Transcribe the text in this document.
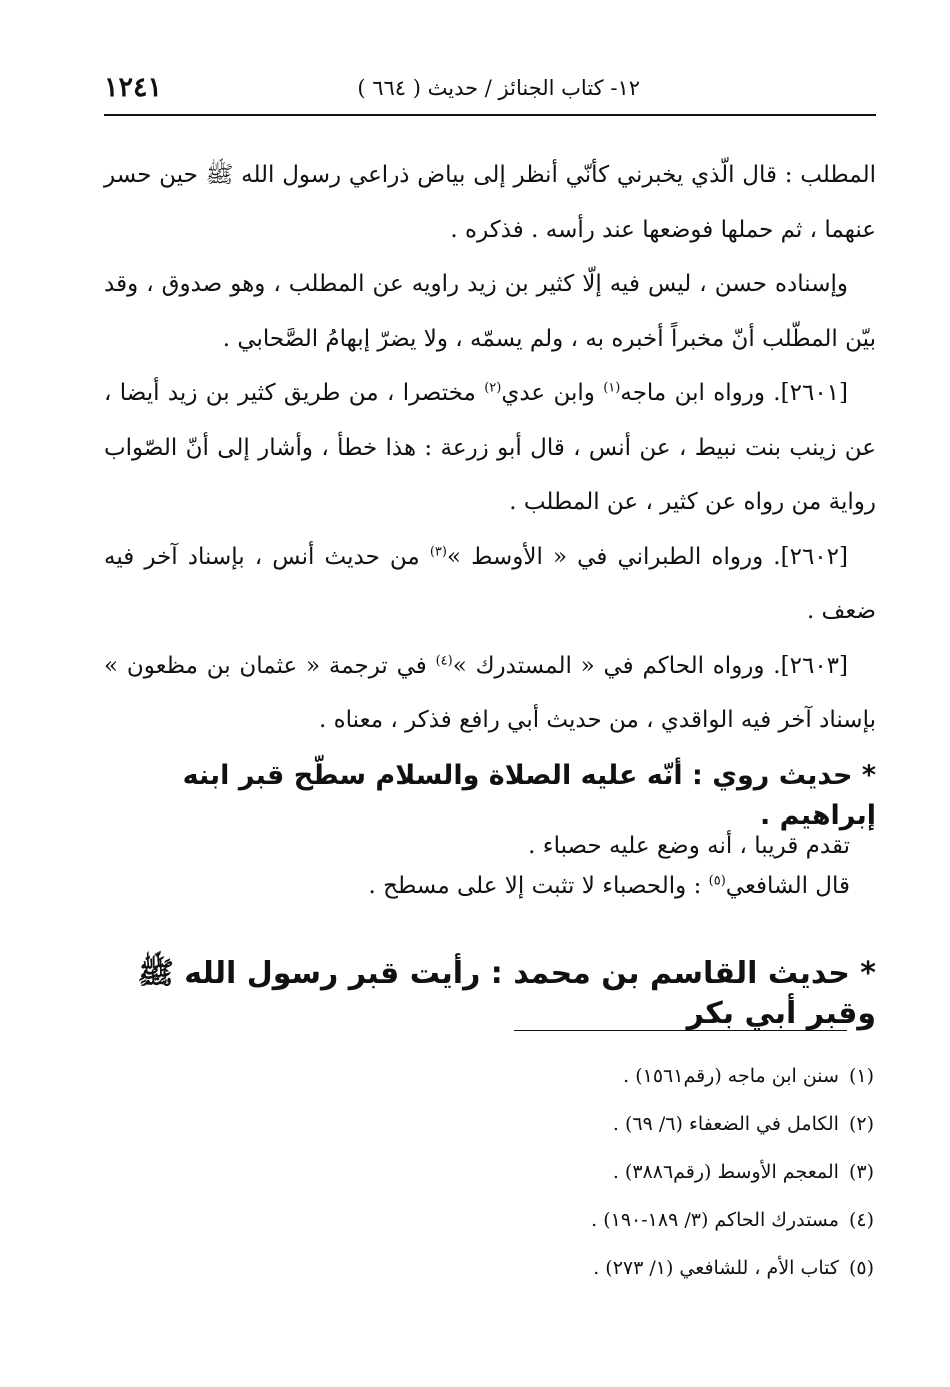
١٢- كتاب الجنائز / حديث ( ٦٦٤ )
١٢٤١

المطلب : قال الّذي يخبرني كأنّي أنظر إلى بياض ذراعي رسول الله ﷺ حين حسر عنهما ، ثم حملها فوضعها عند رأسه . فذكره .

وإسناده حسن ، ليس فيه إلّا كثير بن زيد راويه عن المطلب ، وهو صدوق ، وقد بيّن المطّلب أنّ مخبراً أخبره به ، ولم يسمّه ، ولا يضرّ إبهامُ الصَّحابي .

[٢٦٠١]. ورواه ابن ماجه$^{(١)}$ وابن عدي$^{(٢)}$ مختصرا ، من طريق كثير بن زيد أيضا ، عن زينب بنت نبيط ، عن أنس ، قال أبو زرعة : هذا خطأ ، وأشار إلى أنّ الصّواب رواية من رواه عن كثير ، عن المطلب .

[٢٦٠٢]. ورواه الطبراني في « الأوسط »$^{(٣)}$ من حديث أنس ، بإسناد آخر فيه ضعف .

[٢٦٠٣]. ورواه الحاكم في « المستدرك »$^{(٤)}$ في ترجمة « عثمان بن مظعون » بإسناد آخر فيه الواقدي ، من حديث أبي رافع فذكر ، معناه .

* حديث روي : أنّه عليه الصلاة والسلام سطّح قبر ابنه إبراهيم .

تقدم قريبا ، أنه وضع عليه حصباء .

قال الشافعي$^{(٥)}$ : والحصباء لا تثبت إلا على مسطح .

* حديث القاسم بن محمد : رأيت قبر رسول الله ﷺ وقبر أبي بكر

(١)سنن ابن ماجه (رقم١٥٦١) .

(٢)الكامل في الضعفاء (٦/ ٦٩) .

(٣)المعجم الأوسط (رقم٣٨٨٦) .

(٤)مستدرك الحاكم (٣/ ١٨٩-١٩٠) .

(٥)كتاب الأم ، للشافعي (١/ ٢٧٣) .
